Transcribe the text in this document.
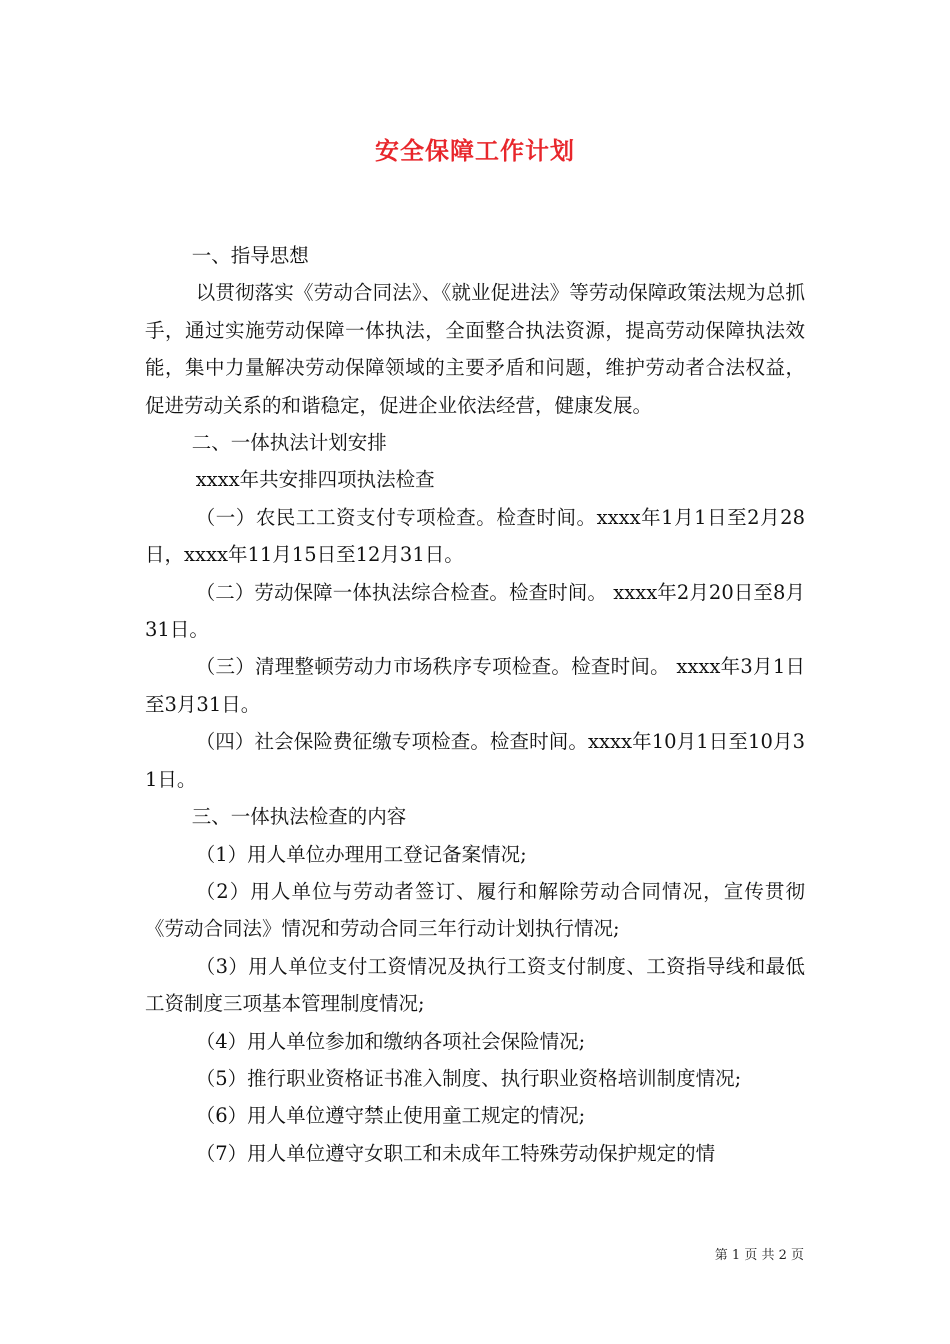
安全保障工作计划

一、指导思想

以贯彻落实《劳动合同法》、《就业促进法》等劳动保障政策法规为总抓手，通过实施劳动保障一体执法，全面整合执法资源，提高劳动保障执法效能，集中力量解决劳动保障领域的主要矛盾和问题，维护劳动者合法权益，促进劳动关系的和谐稳定，促进企业依法经营，健康发展。

二、一体执法计划安排

xxxx年共安排四项执法检查

（一）农民工工资支付专项检查。检查时间。xxxx年1月1日至2月28日，xxxx年11月15日至12月31日。

（二）劳动保障一体执法综合检查。检查时间。 xxxx年2月20日至8月31日。

（三）清理整顿劳动力市场秩序专项检查。检查时间。 xxxx年3月1日至3月31日。

（四）社会保险费征缴专项检查。检查时间。xxxx年10月1日至10月31日。

三、一体执法检查的内容

（1）用人单位办理用工登记备案情况;

（2）用人单位与劳动者签订、履行和解除劳动合同情况，宣传贯彻《劳动合同法》情况和劳动合同三年行动计划执行情况;

（3）用人单位支付工资情况及执行工资支付制度、工资指导线和最低工资制度三项基本管理制度情况;

（4）用人单位参加和缴纳各项社会保险情况;

（5）推行职业资格证书准入制度、执行职业资格培训制度情况;

（6）用人单位遵守禁止使用童工规定的情况;

（7）用人单位遵守女职工和未成年工特殊劳动保护规定的情

第 1 页 共 2 页
